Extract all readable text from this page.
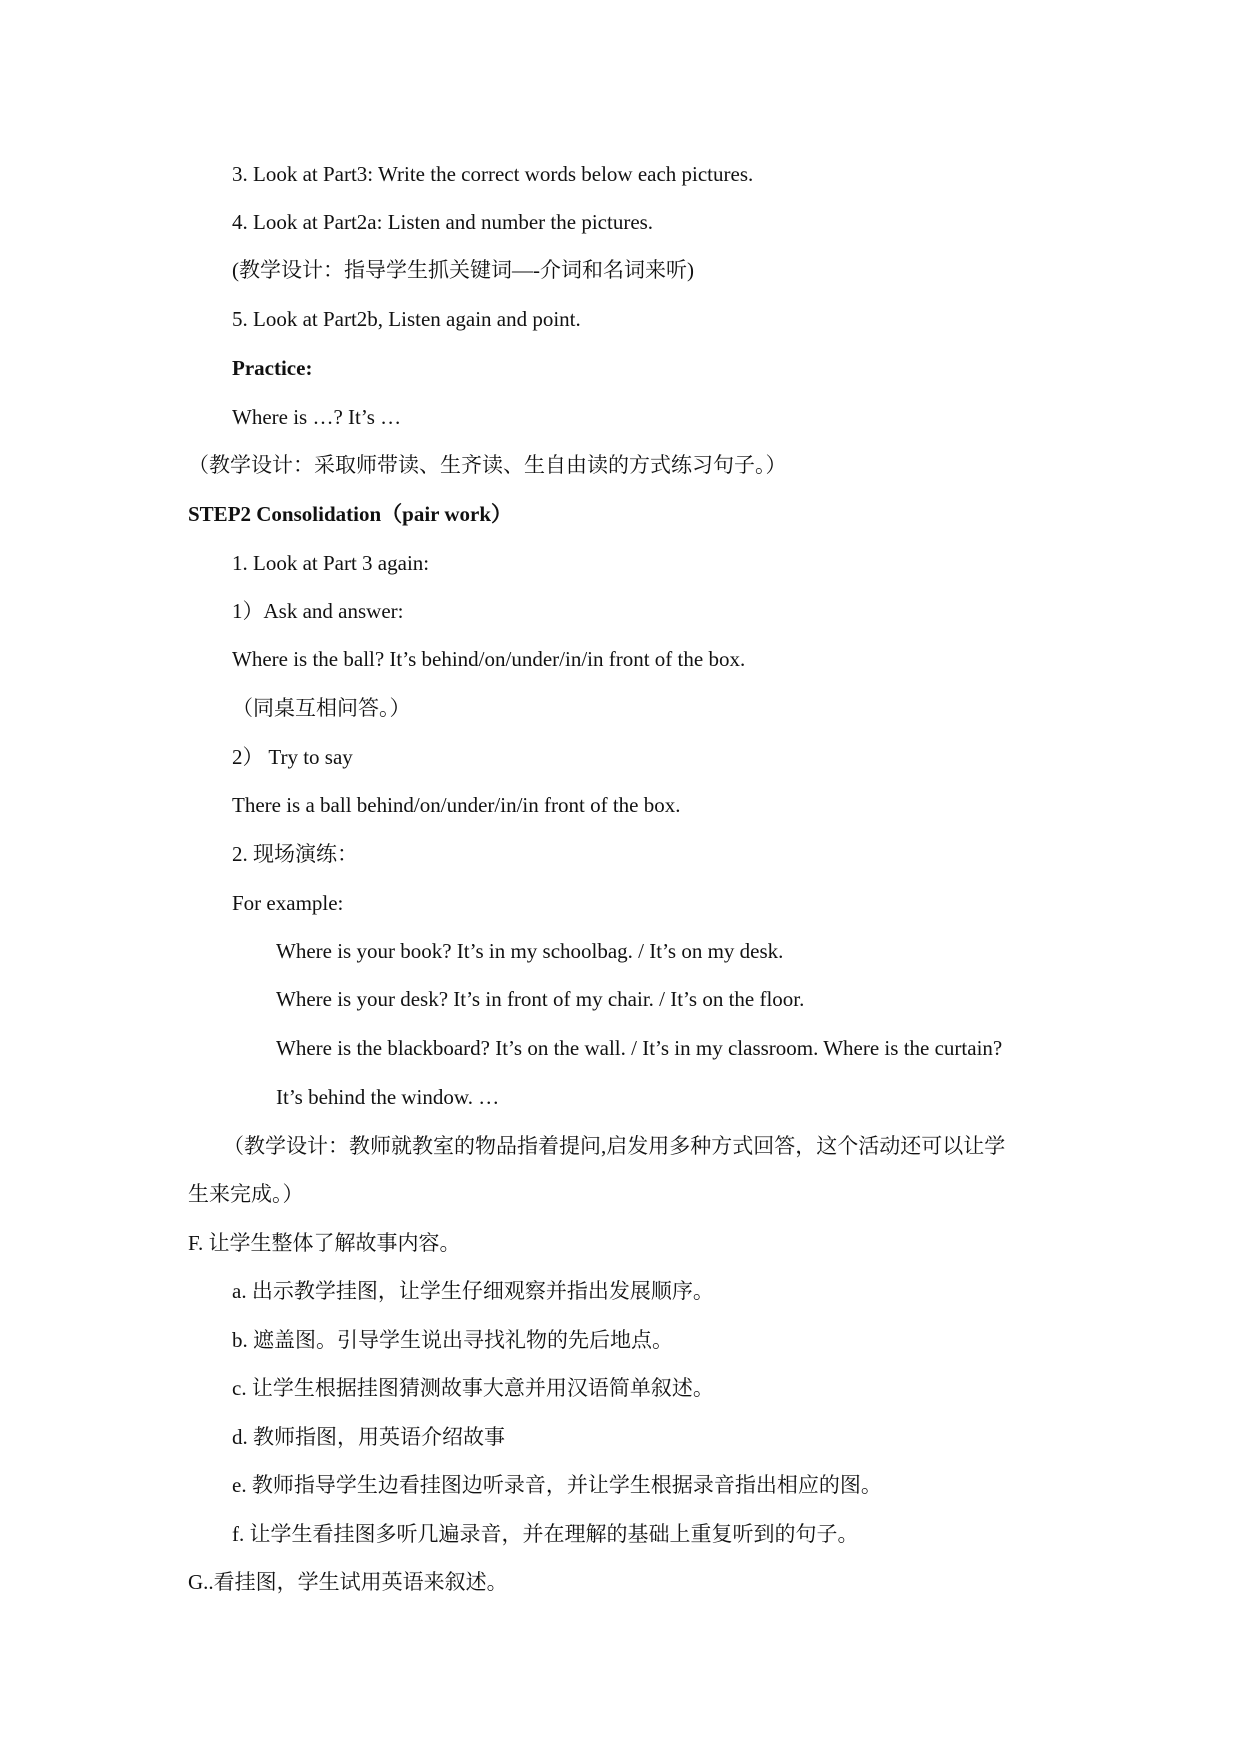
3. Look at Part3: Write the correct words below each pictures.
4. Look at Part2a: Listen and number the pictures.
(教学设计：指导学生抓关键词—-介词和名词来听)
5. Look at Part2b, Listen again and point.
Practice:
Where is …? It’s …
（教学设计：采取师带读、生齐读、生自由读的方式练习句子。）
STEP2 Consolidation（pair work）
1. Look at Part 3 again:
1）Ask and answer:
Where is the ball? It’s behind/on/under/in/in front of the box.
（同桌互相问答。）
2） Try to say
There is a ball behind/on/under/in/in front of the box.
2. 现场演练：
For example:
Where is your book? It’s in my schoolbag. / It’s on my desk.
Where is your desk? It’s in front of my chair. / It’s on the floor.
Where is the blackboard? It’s on the wall. / It’s in my classroom. Where is the curtain?
It’s behind the window. …
（教学设计：教师就教室的物品指着提问,启发用多种方式回答，这个活动还可以让学
生来完成。）
F. 让学生整体了解故事内容。
a. 出示教学挂图，让学生仔细观察并指出发展顺序。
b. 遮盖图。引导学生说出寻找礼物的先后地点。
c. 让学生根据挂图猜测故事大意并用汉语简单叙述。
d. 教师指图，用英语介绍故事
e. 教师指导学生边看挂图边听录音，并让学生根据录音指出相应的图。
f. 让学生看挂图多听几遍录音，并在理解的基础上重复听到的句子。
G..看挂图，学生试用英语来叙述。
